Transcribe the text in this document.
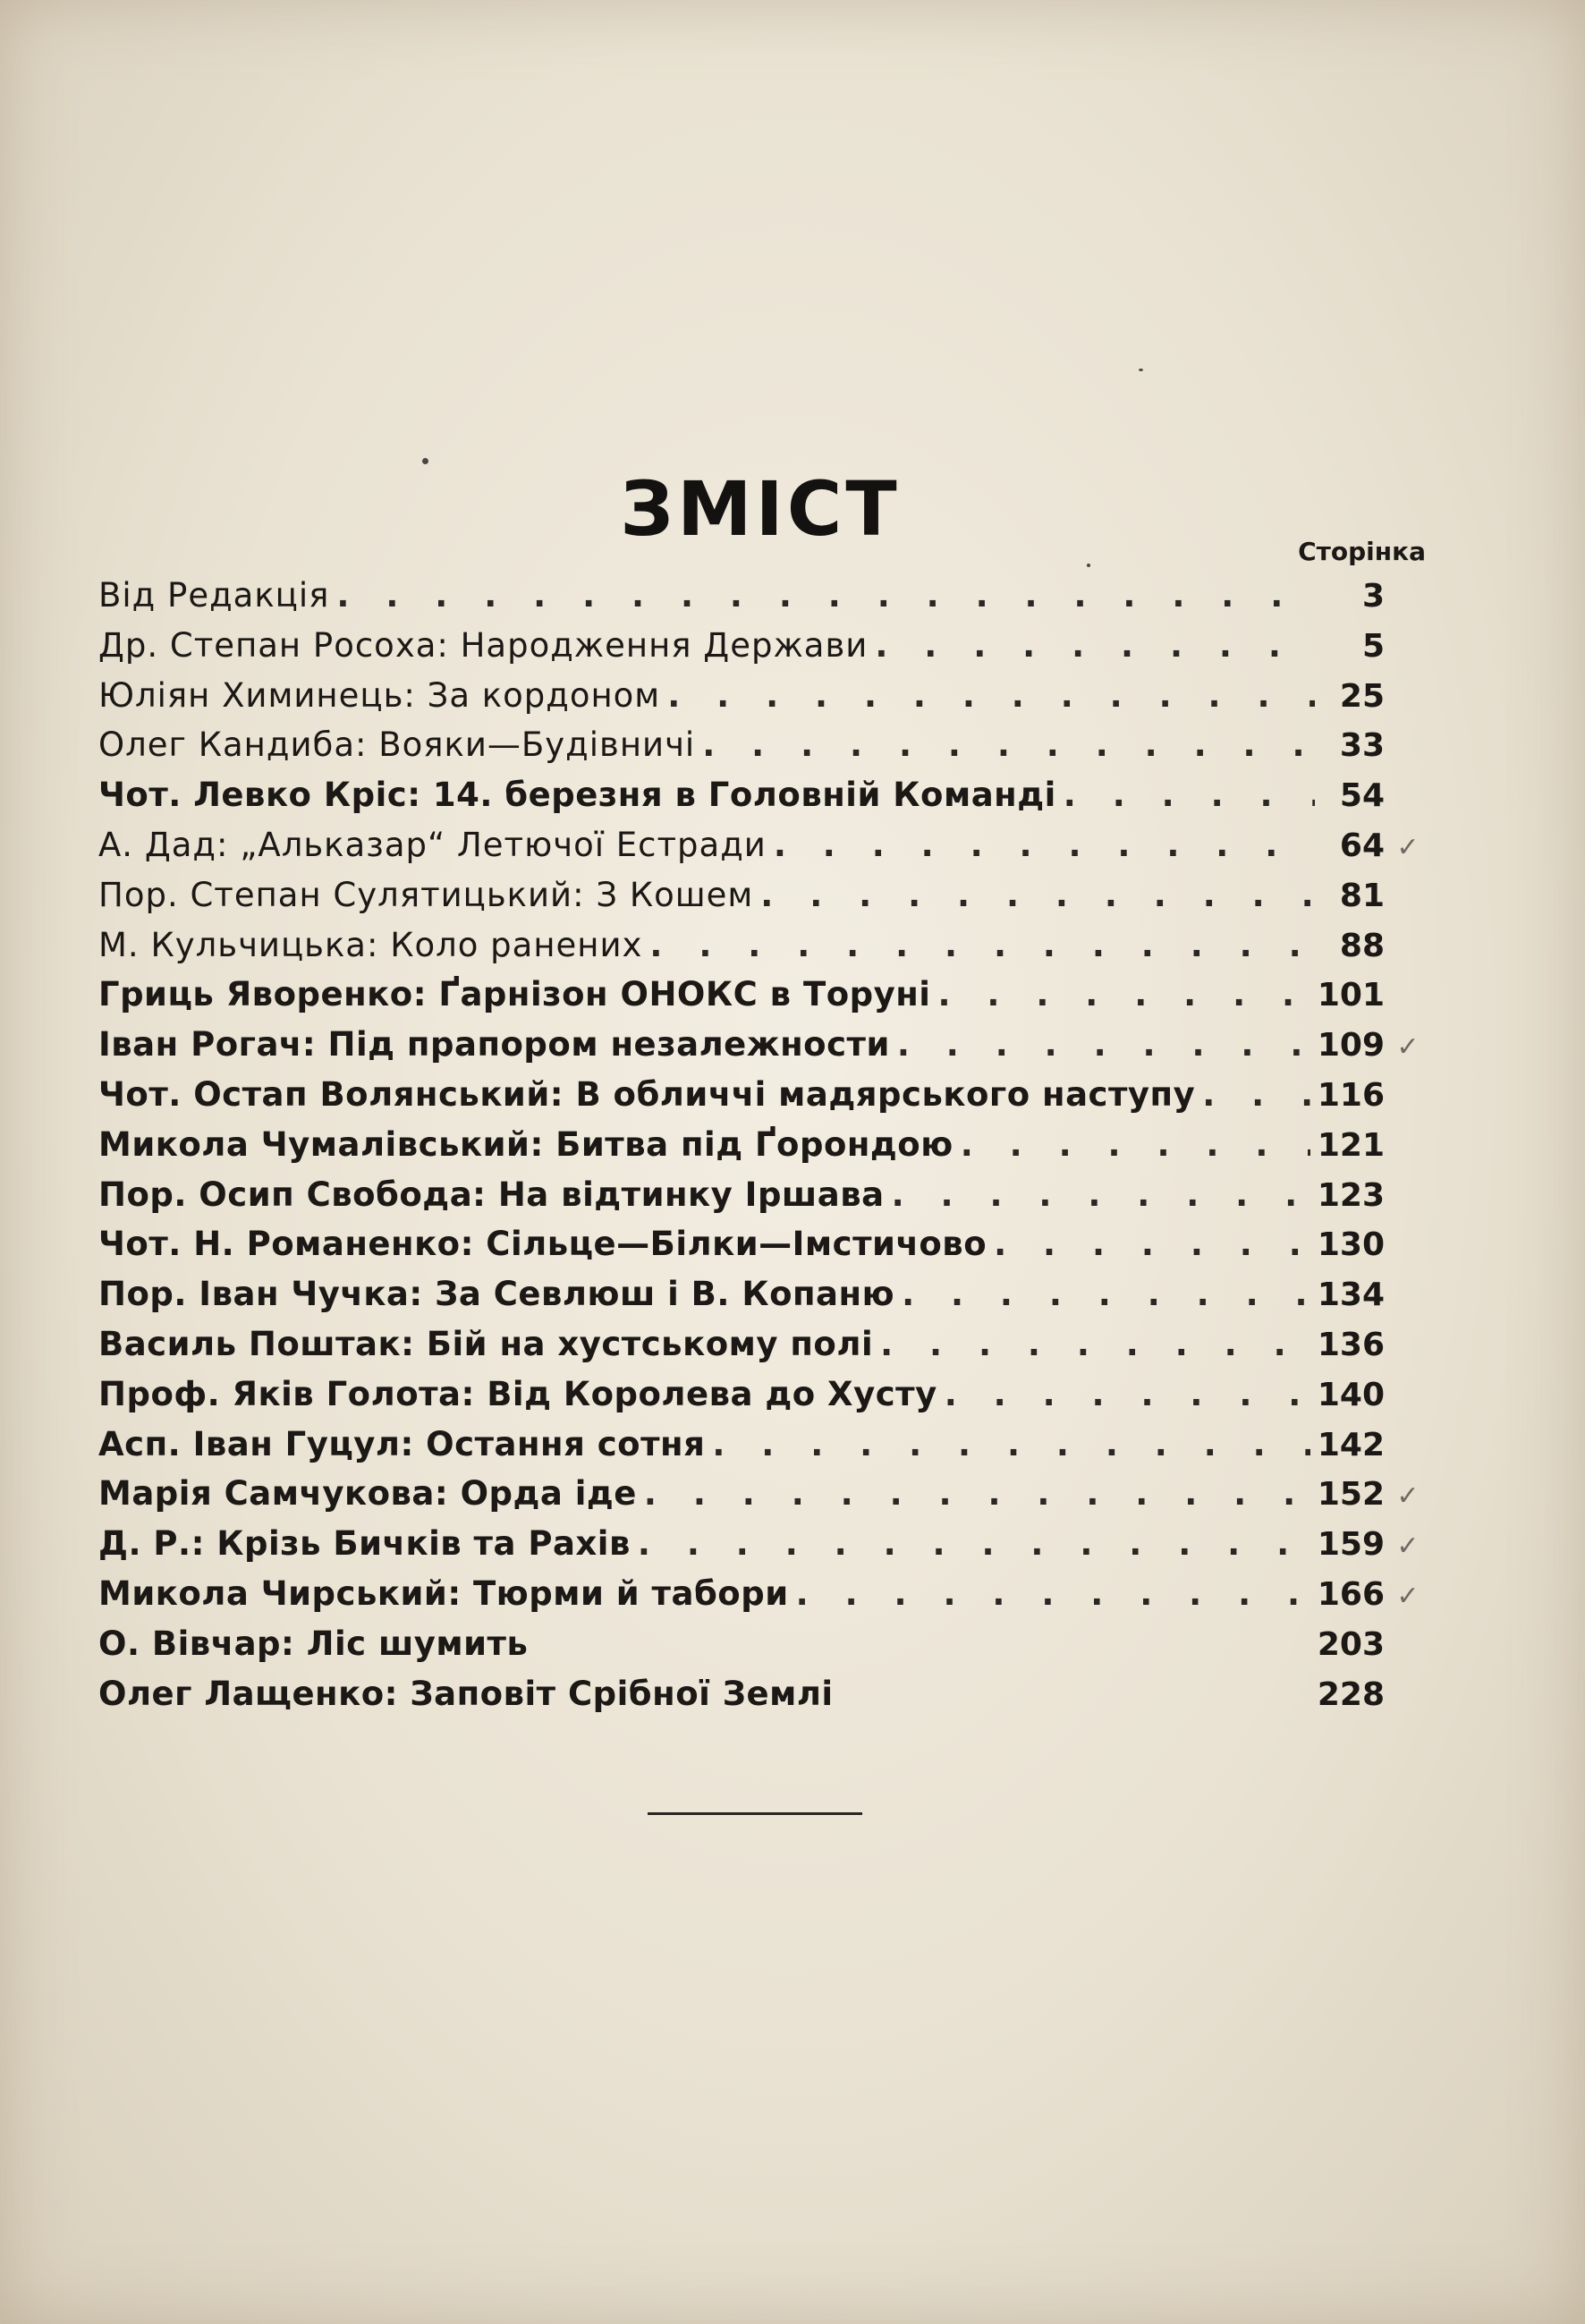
ЗМІСТ	Сторінка
Від Редакція . . .	3
Др. Степан Росоха: Народження Держави . . .	5
Юліян Химинець: За кордоном . . .	25
Олег Кандиба: Вояки—Будівничі . . .	33
Чот. Левко Кріс: 14. березня в Головній Команді . . .	54
А. Дад: „Альказар“ Летючої Естради . . .	64 ✓
Пор. Степан Сулятицький: З Кошем . . .	81
М. Кульчицька: Коло ранених . . .	88
Гриць Яворенко: Ґарнізон ОНОКС в Торуні . . .	101
Іван Рогач: Під прапором незалежности . . .	109 ✓
Чот. Остап Волянський: В обличчі мадярського наступу . . .	116
Микола Чумалівський: Битва під Ґорондою . . .	121
Пор. Осип Свобода: На відтинку Іршава . . .	123
Чот. Н. Романенко: Сільце—Білки—Імстичово . . .	130
Пор. Іван Чучка: За Севлюш і В. Копаню . . .	134
Василь Поштак: Бій на хустському полі . . .	136
Проф. Яків Голота: Від Королева до Хусту . . .	140
Асп. Іван Гуцул: Остання сотня . . .	142
Марія Самчукова: Орда іде . . .	152 ✓
Д. Р.: Крізь Бичків та Рахів . . .	159 ✓
Микола Чирський: Тюрми й табори . . .	166 ✓
О. Вівчар: Ліс шумить	203
Олег Лащенко: Заповіт Срібної Землі	228
